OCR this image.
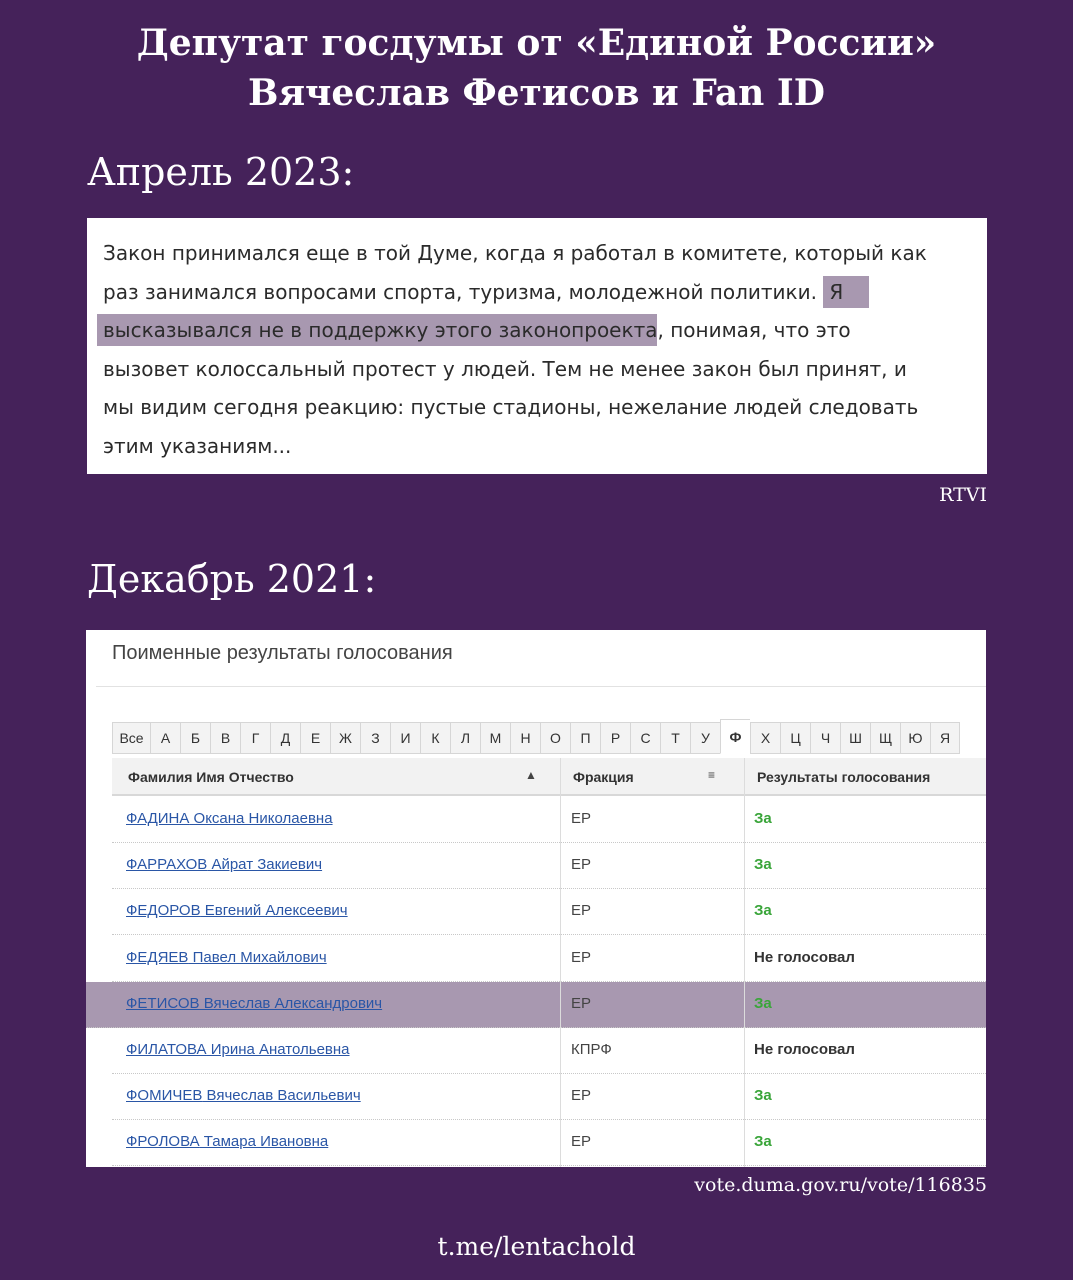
Депутат госдумы от «Единой России»
Вячеслав Фетисов и Fan ID
Апрель 2023:
Закон принимался еще в той Думе, когда я работал в комитете, который как
раз занимался вопросами спорта, туризма, молодежной политики. Я
высказывался не в поддержку этого законопроекта, понимая, что это
вызовет колоссальный протест у людей. Тем не менее закон был принят, и
мы видим сегодня реакцию: пустые стадионы, нежелание людей следовать
этим указаниям...
RTVI
Декабрь 2021:
Поименные результаты голосования
Все	А	Б	В	Г	Д	Е	Ж	З	И	К	Л	М	Н	О	П	Р	С	Т	У	Ф	Х	Ц	Ч	Ш	Щ	Ю	Я
Фамилия Имя Отчество	▲	Фракция	≡	Результаты голосования
ФАДИНА Оксана Николаевна	ЕР	За
ФАРРАХОВ Айрат Закиевич	ЕР	За
ФЕДОРОВ Евгений Алексеевич	ЕР	За
ФЕДЯЕВ Павел Михайлович	ЕР	Не голосовал
ФЕТИСОВ Вячеслав Александрович	ЕР	За
ФИЛАТОВА Ирина Анатольевна	КПРФ	Не голосовал
ФОМИЧЕВ Вячеслав Васильевич	ЕР	За
ФРОЛОВА Тамара Ивановна	ЕР	За
vote.duma.gov.ru/vote/116835
t.me/lentachold
